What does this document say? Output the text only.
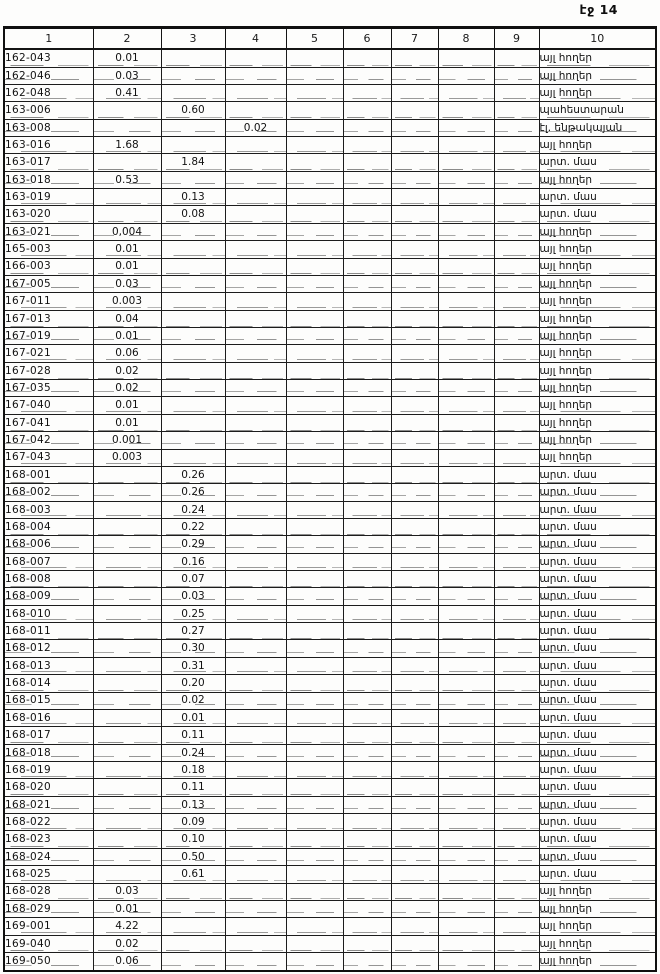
էջ 14
1	2	3	4	5	6	7	8	9	10
162-043	0.01								այլ հողեր
162-046	0.03								այլ հողեր
162-048	0.41								այլ հողեր
163-006		0.60							պահեստարան
163-008			0.02						էլ. ենթակայան
163-016	1.68								այլ հողեր
163-017		1.84							արտ. մաս
163-018	0.53								այլ հողեր
163-019		0.13							արտ. մաս
163-020		0.08							արտ. մաս
163-021	0,004								այլ հողեր
165-003	0.01								այլ հողեր
166-003	0.01								այլ հողեր
167-005	0.03								այլ հողեր
167-011	0.003								այլ հողեր
167-013	0.04								այլ հողեր
167-019	0.01								այլ հողեր
167-021	0.06								այլ հողեր
167-028	0.02								այլ հողեր
167-035	0.02								այլ հողեր
167-040	0.01								այլ հողեր
167-041	0.01								այլ հողեր
167-042	0.001								այլ հողեր
167-043	0.003								այլ հողեր
168-001		0.26							արտ. մաս
168-002		0.26							արտ. մաս
168-003		0.24							արտ. մաս
168-004		0.22							արտ. մաս
168-006		0.29							արտ. մաս
168-007		0.16							արտ. մաս
168-008		0.07							արտ. մաս
168-009		0.03							արտ. մաս
168-010		0.25							արտ. մաս
168-011		0.27							արտ. մաս
168-012		0.30							արտ. մաս
168-013		0.31							արտ. մաս
168-014		0.20							արտ. մաս
168-015		0.02							արտ. մաս
168-016		0.01							արտ. մաս
168-017		0.11							արտ. մաս
168-018		0.24							արտ. մաս
168-019		0.18							արտ. մաս
168-020		0.11							արտ. մաս
168-021		0.13							արտ. մաս
168-022		0.09							արտ. մաս
168-023		0.10							արտ. մաս
168-024		0.50							արտ. մաս
168-025		0.61							արտ. մաս
168-028	0.03								այլ հողեր
168-029	0.01								այլ հողեր
169-001	4.22								այլ հողեր
169-040	0.02								այլ հողեր
169-050	0.06								այլ հողեր
